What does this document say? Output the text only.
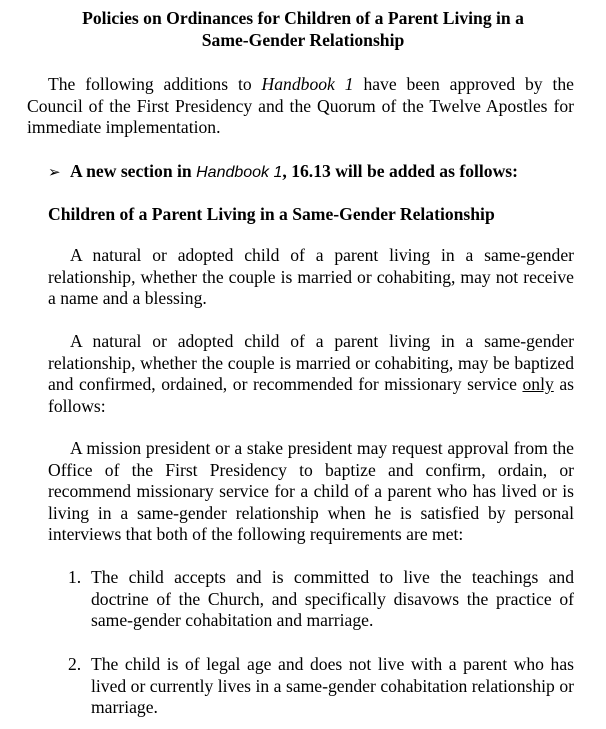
Policies on Ordinances for Children of a Parent Living in a
Same-Gender Relationship
The following additions to Handbook 1 have been approved by the Council of the First Presidency and the Quorum of the Twelve Apostles for immediate implementation.
➢ A new section in Handbook 1, 16.13 will be added as follows:
Children of a Parent Living in a Same-Gender Relationship
A natural or adopted child of a parent living in a same-gender relationship, whether the couple is married or cohabiting, may not receive a name and a blessing.
A natural or adopted child of a parent living in a same-gender relationship, whether the couple is married or cohabiting, may be baptized and confirmed, ordained, or recommended for missionary service only as follows:
A mission president or a stake president may request approval from the Office of the First Presidency to baptize and confirm, ordain, or recommend missionary service for a child of a parent who has lived or is living in a same-gender relationship when he is satisfied by personal interviews that both of the following requirements are met:
1. The child accepts and is committed to live the teachings and doctrine of the Church, and specifically disavows the practice of same-gender cohabitation and marriage.
2. The child is of legal age and does not live with a parent who has lived or currently lives in a same-gender cohabitation relationship or marriage.
